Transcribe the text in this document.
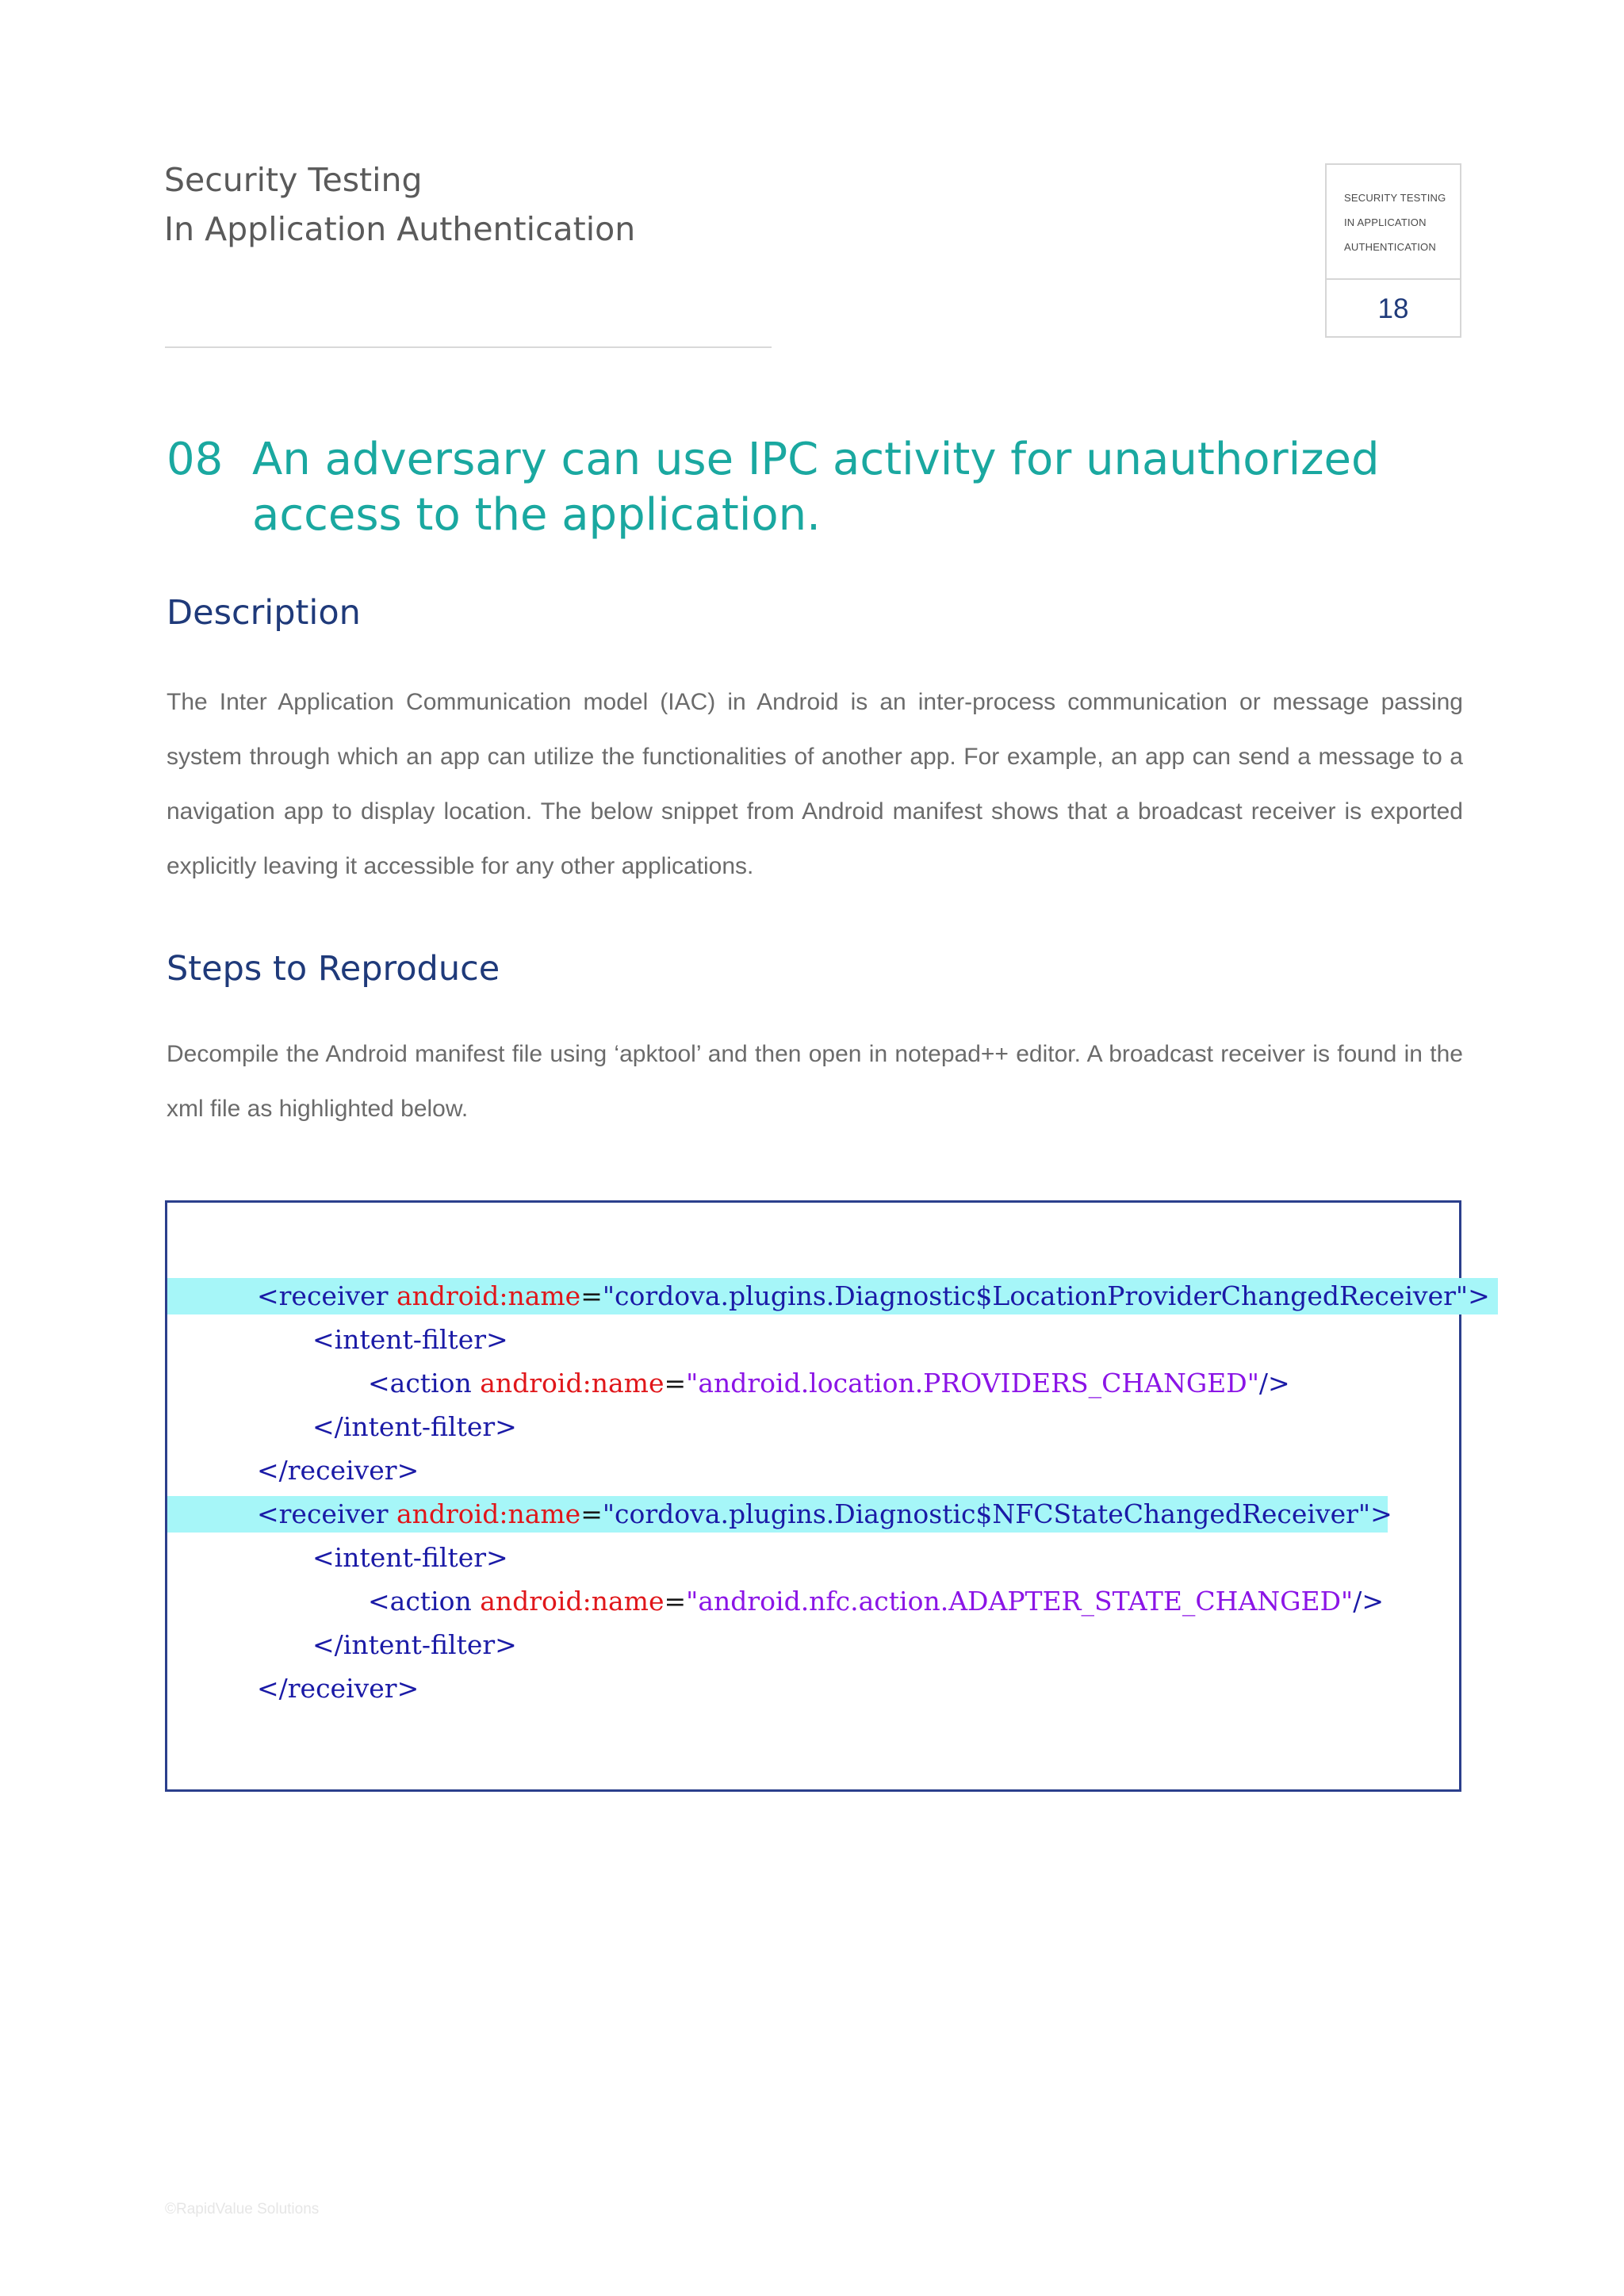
Security Testing
In Application Authentication
SECURITY TESTING
IN APPLICATION
AUTHENTICATION
18
08 An adversary can use IPC activity for unauthorized access to the application.
Description
The Inter Application Communication model (IAC) in Android is an inter-process communication or message passing system through which an app can utilize the functionalities of another app. For example, an app can send a message to a navigation app to display location. The below snippet from Android manifest shows that a broadcast receiver is exported explicitly leaving it accessible for any other applications.
Steps to Reproduce
Decompile the Android manifest file using ‘apktool’ and then open in notepad++ editor. A broadcast receiver is found in the xml file as highlighted below.
<receiver android:name="cordova.plugins.Diagnostic$LocationProviderChangedReceiver">
<intent-filter>
<action android:name="android.location.PROVIDERS_CHANGED"/>
</intent-filter>
</receiver>
<receiver android:name="cordova.plugins.Diagnostic$NFCStateChangedReceiver">
<intent-filter>
<action android:name="android.nfc.action.ADAPTER_STATE_CHANGED"/>
</intent-filter>
</receiver>
©RapidValue Solutions
